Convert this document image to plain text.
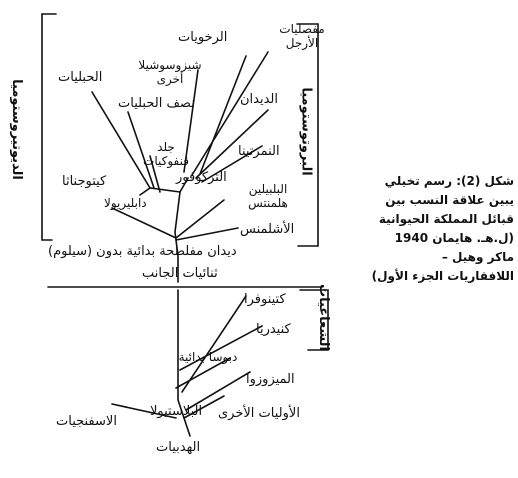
الديوتيروستوميا	البروتوستوميا
الشعاعيات
مفصليات الأرجل
الرخويات
شيزوسوشيلا أخرى
الحبليات
نصف الحبليات	الديدان
جلد قنفوكيات
النمرتينا
التركوفور
كيتوجناثا	البلبيلين هلمنتس
دابليريولا
الأشلمنس
ديدان مفلطحة بدائية بدون (سيلوم)
ثنائيات الجانب
كتينوفرا
كنيدريا
دبوسا بدائية
الميزوزوا
الأوليات الأخرى
البلاستيولا
الاسفنجيات
الهدبيات
شكل (2): رسم تخيلي
يبين علاقة النسب بين
قبائل المملكة الحيوانية
(ل.هـ. هايمان 1940
ماكر وهيل –
اللافقاريات الجزء الأول)
